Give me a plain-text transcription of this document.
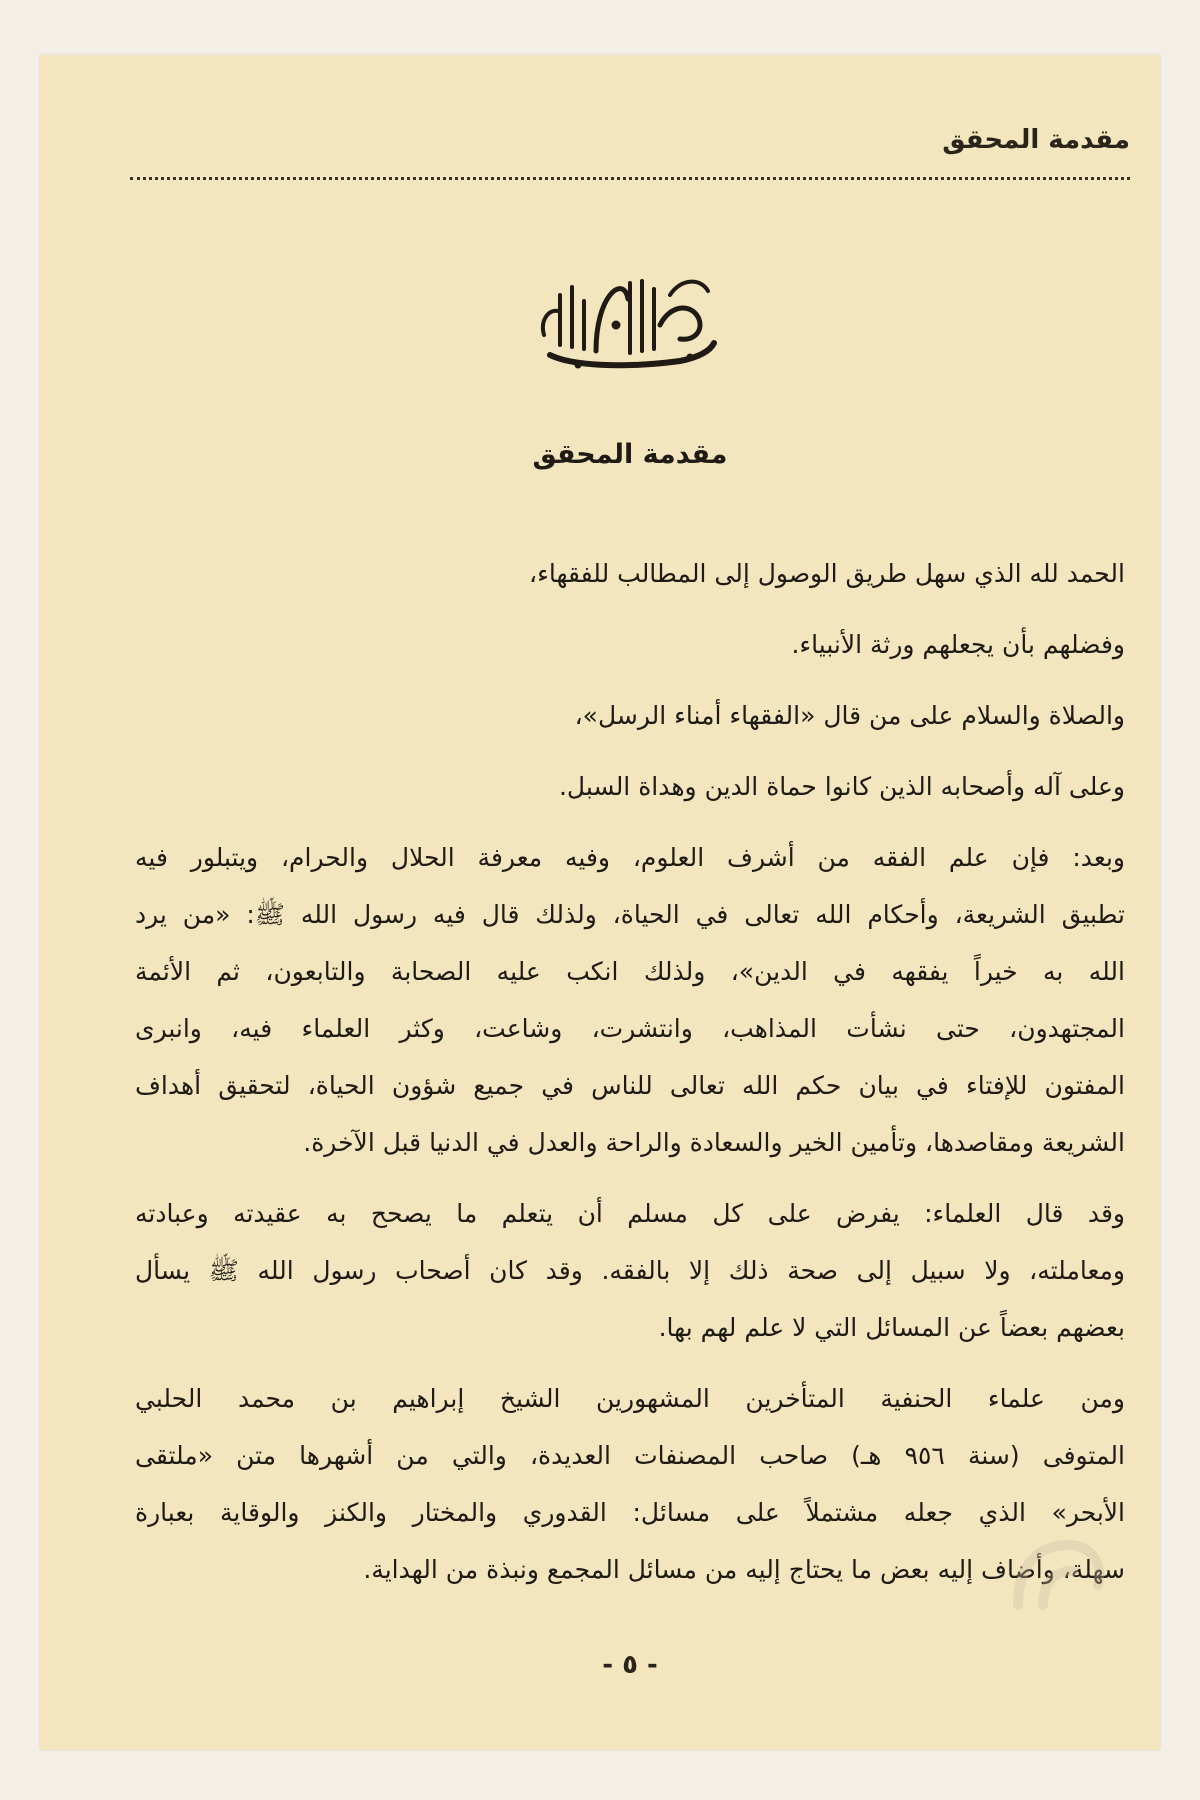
مقدمة المحقق
مقدمة المحقق
الحمد لله الذي سهل طريق الوصول إلى المطالب للفقهاء،
وفضلهم بأن يجعلهم ورثة الأنبياء.
والصلاة والسلام على من قال «الفقهاء أمناء الرسل»،
وعلى آله وأصحابه الذين كانوا حماة الدين وهداة السبل.
وبعد: فإن علم الفقه من أشرف العلوم، وفيه معرفة الحلال والحرام، ويتبلور فيه
تطبيق الشريعة، وأحكام الله تعالى في الحياة، ولذلك قال فيه رسول الله ﷺ: «من يرد
الله به خيراً يفقهه في الدين»، ولذلك انكب عليه الصحابة والتابعون، ثم الأئمة
المجتهدون، حتى نشأت المذاهب، وانتشرت، وشاعت، وكثر العلماء فيه، وانبرى
المفتون للإفتاء في بيان حكم الله تعالى للناس في جميع شؤون الحياة، لتحقيق أهداف
الشريعة ومقاصدها، وتأمين الخير والسعادة والراحة والعدل في الدنيا قبل الآخرة.
وقد قال العلماء: يفرض على كل مسلم أن يتعلم ما يصحح به عقيدته وعبادته
ومعاملته، ولا سبيل إلى صحة ذلك إلا بالفقه. وقد كان أصحاب رسول الله ﷺ يسأل
بعضهم بعضاً عن المسائل التي لا علم لهم بها.
ومن علماء الحنفية المتأخرين المشهورين الشيخ إبراهيم بن محمد الحلبي
المتوفى (سنة ٩٥٦ هـ) صاحب المصنفات العديدة، والتي من أشهرها متن «ملتقى
الأبحر» الذي جعله مشتملاً على مسائل: القدوري والمختار والكنز والوقاية بعبارة
سهلة، وأضاف إليه بعض ما يحتاج إليه من مسائل المجمع ونبذة من الهداية.
- ٥ -
